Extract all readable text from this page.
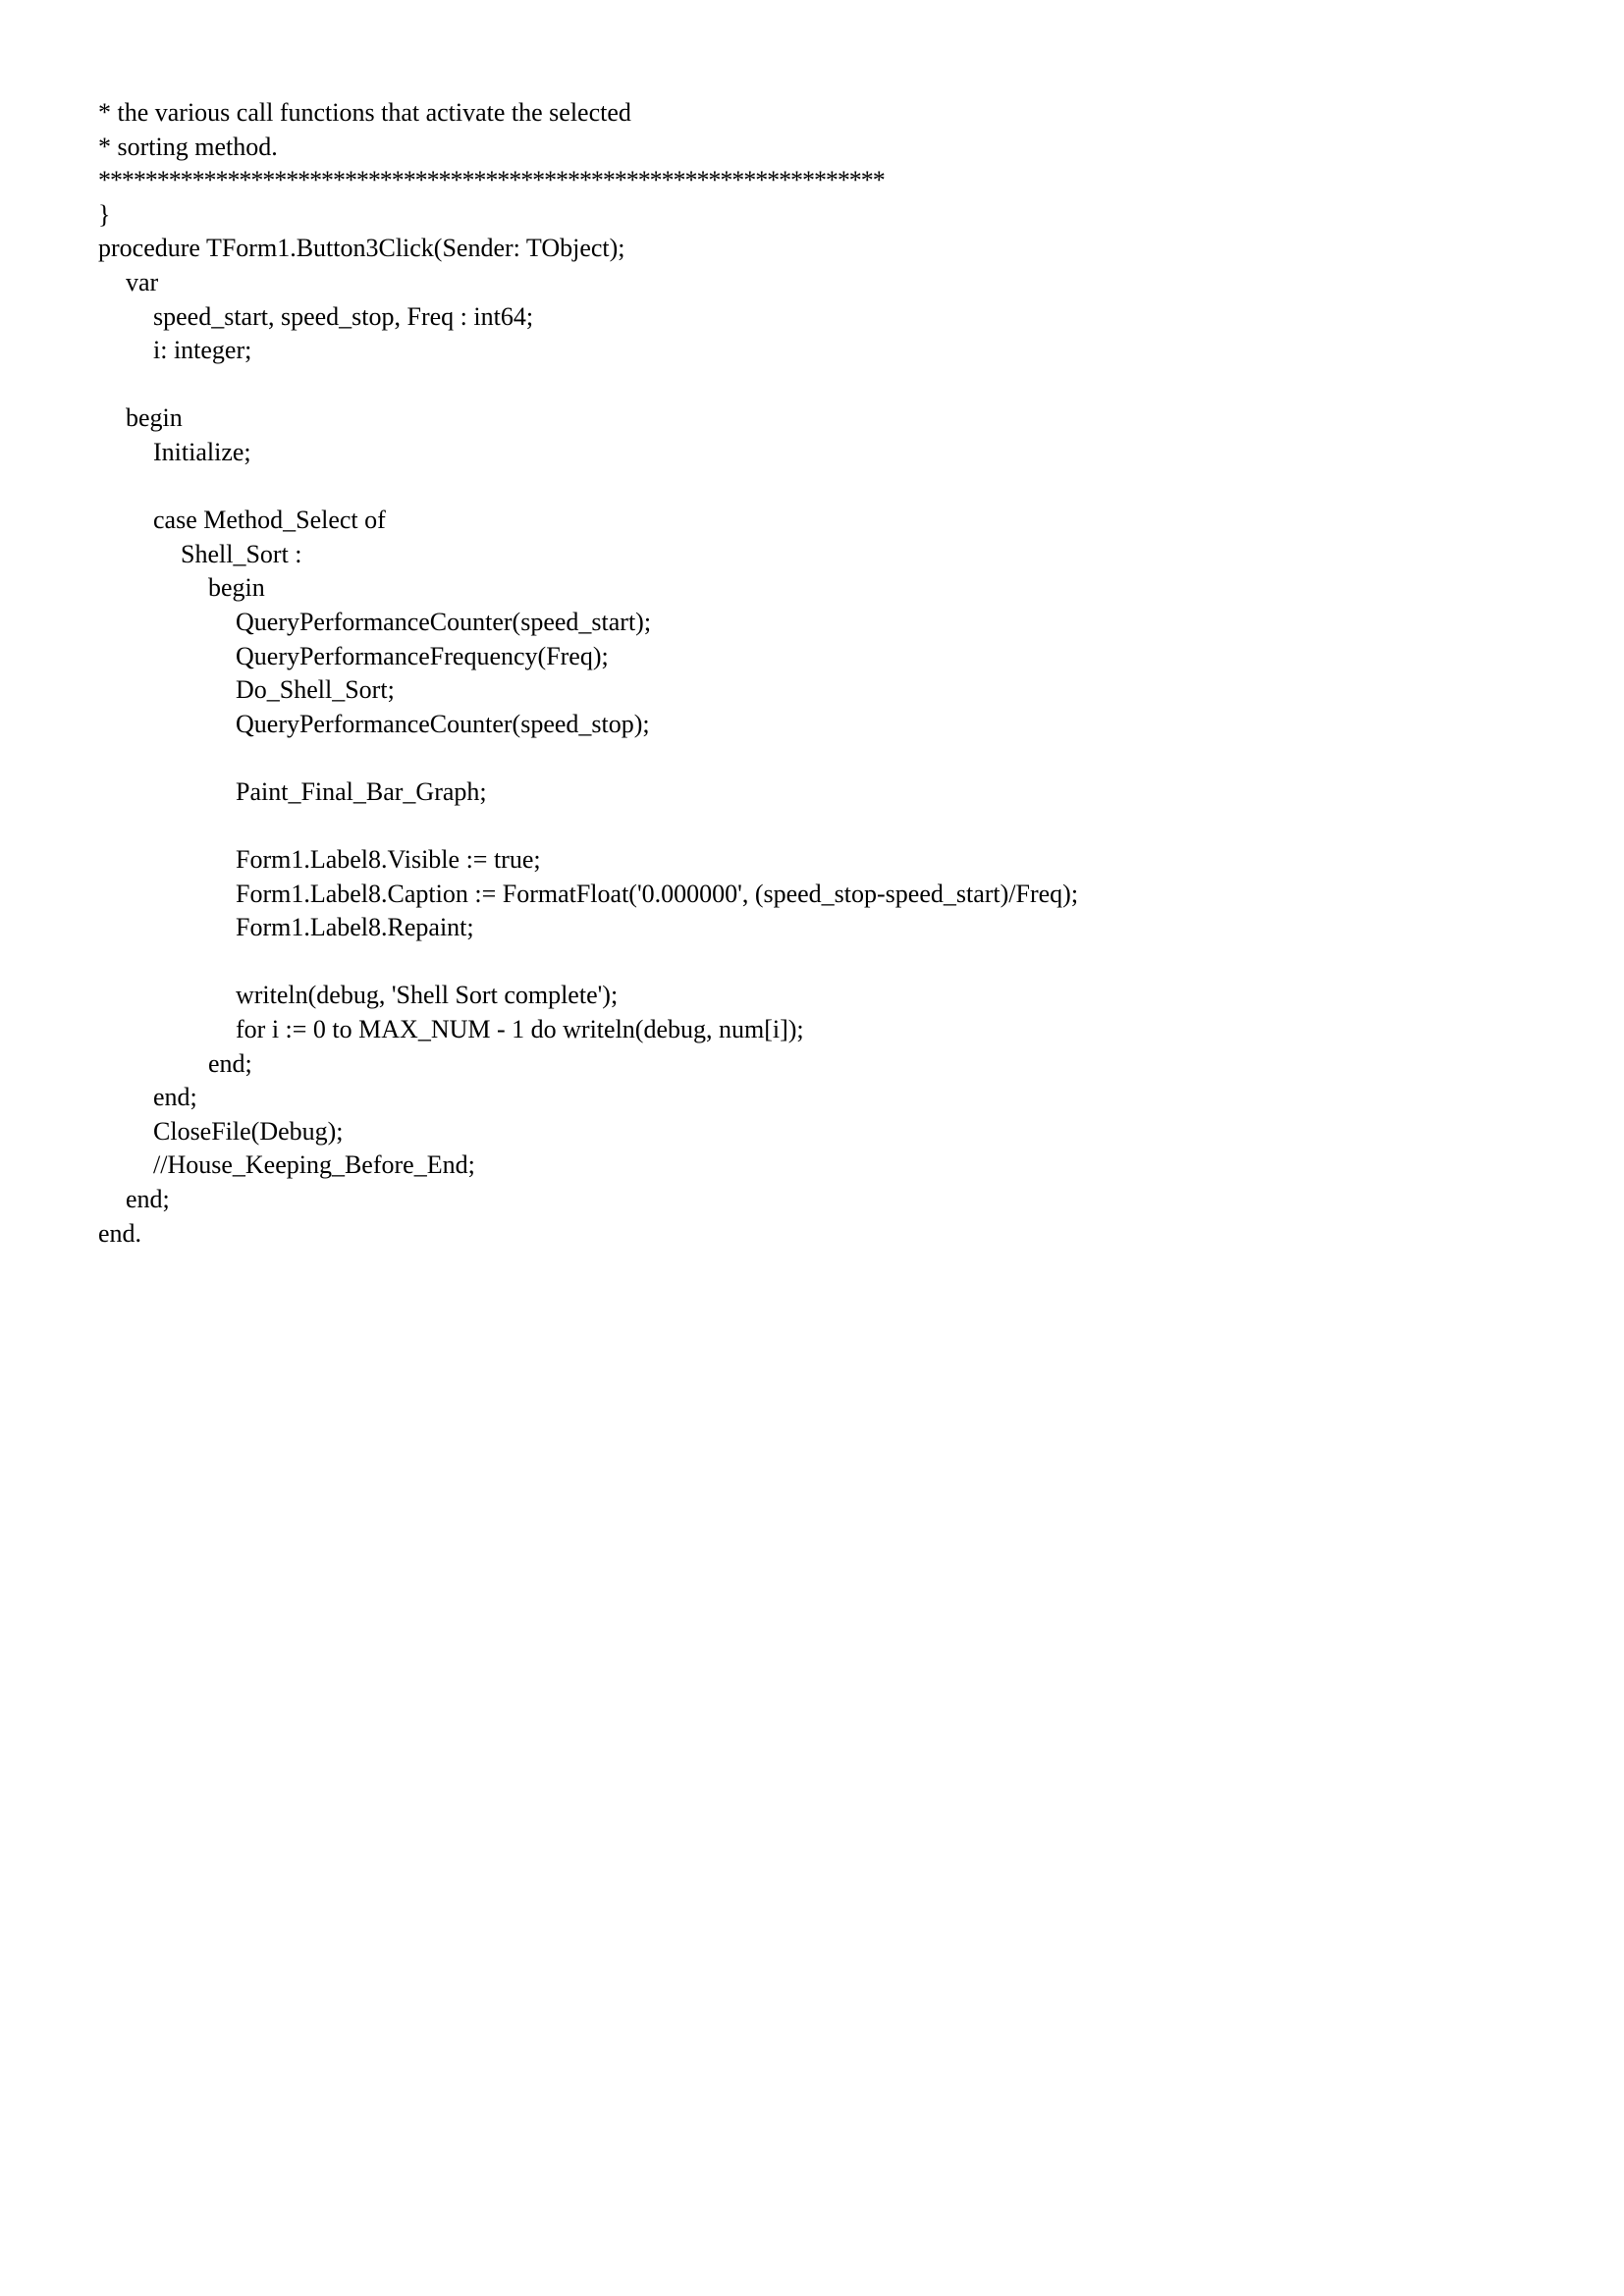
* the various call functions that activate the selected
* sorting method.
*******************************************************************
}
procedure TForm1.Button3Click(Sender: TObject);
var
speed_start, speed_stop, Freq : int64;
i: integer;
begin
Initialize;
case Method_Select of
Shell_Sort :
begin
QueryPerformanceCounter(speed_start);
QueryPerformanceFrequency(Freq);
Do_Shell_Sort;
QueryPerformanceCounter(speed_stop);
Paint_Final_Bar_Graph;
Form1.Label8.Visible := true;
Form1.Label8.Caption := FormatFloat('0.000000', (speed_stop-speed_start)/Freq);
Form1.Label8.Repaint;
writeln(debug, 'Shell Sort complete');
for i := 0 to MAX_NUM - 1 do writeln(debug, num[i]);
end;
end;
CloseFile(Debug);
//House_Keeping_Before_End;
end;
end.
